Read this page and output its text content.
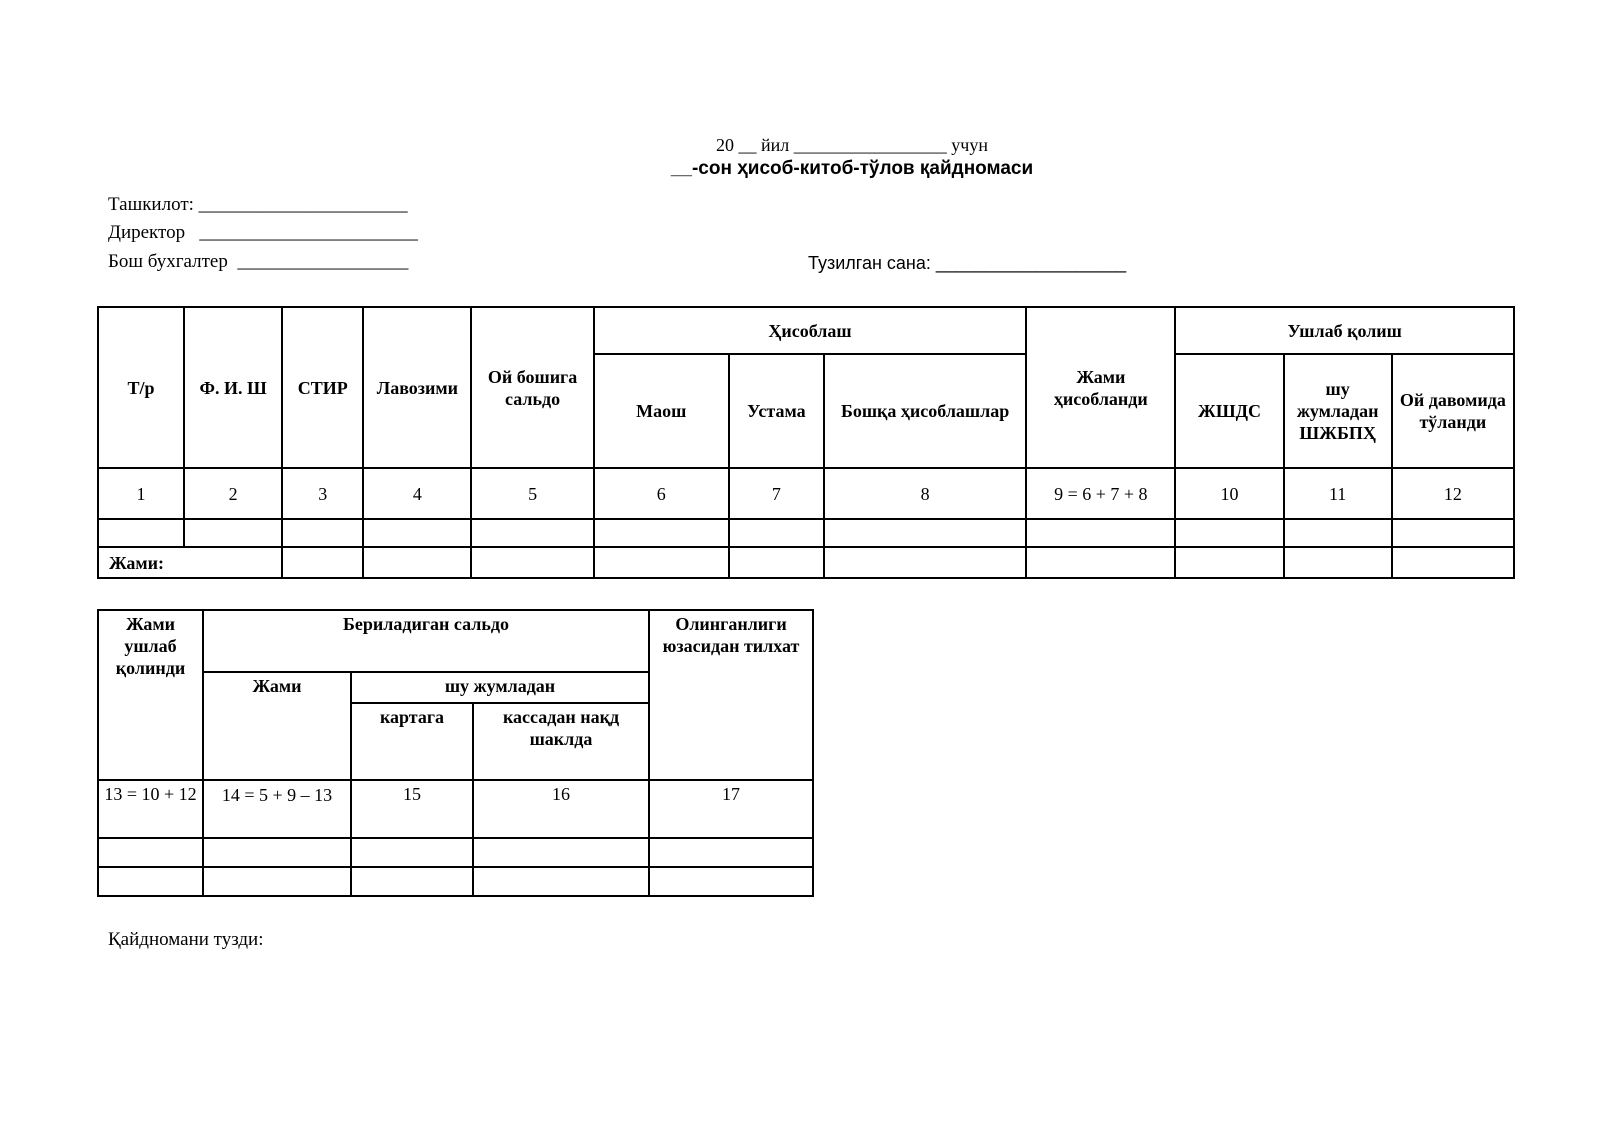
20 __ йил _________________ учун
__-сон ҳисоб-китоб-тўлов қайдномаси
Ташкилот: ______________________
Директор   _______________________
Бош бухгалтер  __________________	Тузилган сана: ___________________
Т/р	Ф. И. Ш	СТИР	Лавозими	Ой бошига сальдо	Ҳисоблаш			Жами ҳисобланди	Ушлаб қолиш		
					Маош	Устама	Бошқа ҳисоблашлар		ЖШДС	шу жумладан ШЖБПҲ	Ой давомида тўланди
1	2	3	4	5	6	7	8	9 = 6 + 7 + 8	10	11	12

Жами:											
Жами ушлаб қолинди	Бериладиган сальдо			Олинганлиги юзасидан тилхат
	Жами	шу жумладан		
		картага	кассадан нақд шаклда	
13 = 10 + 12	14 = 5 + 9 – 13	15	16	17

Қайдномани тузди:
